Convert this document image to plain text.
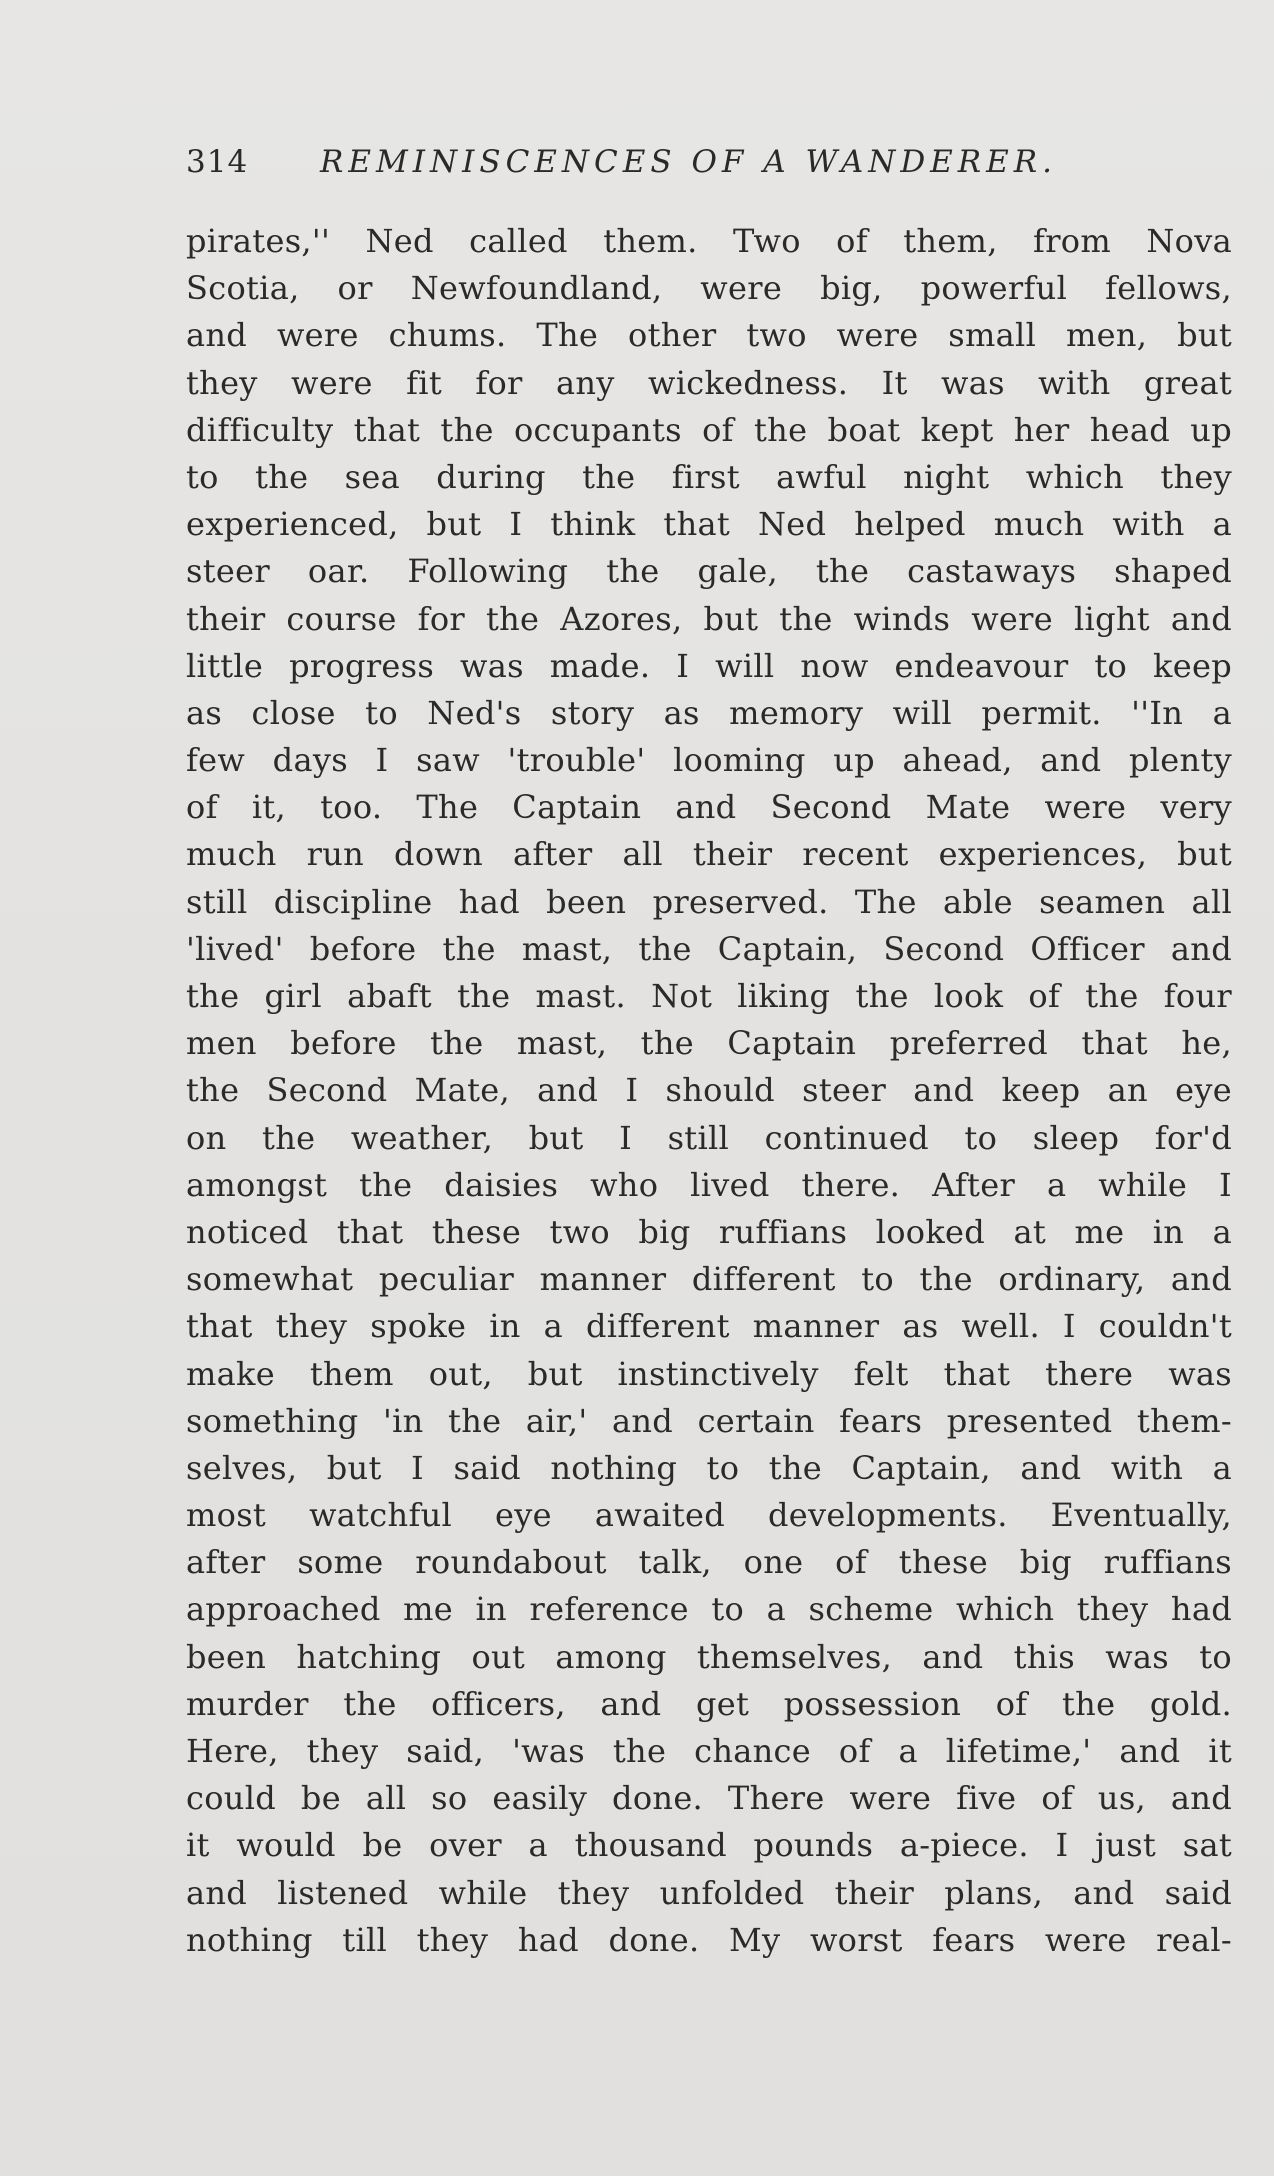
314 REMINISCENCES OF A WANDERER.
pirates,'' Ned called them. Two of them, from Nova
Scotia, or Newfoundland, were big, powerful fellows,
and were chums. The other two were small men, but
they were fit for any wickedness. It was with great
difficulty that the occupants of the boat kept her head up
to the sea during the first awful night which they
experienced, but I think that Ned helped much with a
steer oar. Following the gale, the castaways shaped
their course for the Azores, but the winds were light and
little progress was made. I will now endeavour to keep
as close to Ned's story as memory will permit. ''In a
few days I saw 'trouble' looming up ahead, and plenty
of it, too. The Captain and Second Mate were very
much run down after all their recent experiences, but
still discipline had been preserved. The able seamen all
'lived' before the mast, the Captain, Second Officer and
the girl abaft the mast. Not liking the look of the four
men before the mast, the Captain preferred that he,
the Second Mate, and I should steer and keep an eye
on the weather, but I still continued to sleep for'd
amongst the daisies who lived there. After a while I
noticed that these two big ruffians looked at me in a
somewhat peculiar manner different to the ordinary, and
that they spoke in a different manner as well. I couldn't
make them out, but instinctively felt that there was
something 'in the air,' and certain fears presented them-
selves, but I said nothing to the Captain, and with a
most watchful eye awaited developments. Eventually,
after some roundabout talk, one of these big ruffians
approached me in reference to a scheme which they had
been hatching out among themselves, and this was to
murder the officers, and get possession of the gold.
Here, they said, 'was the chance of a lifetime,' and it
could be all so easily done. There were five of us, and
it would be over a thousand pounds a-piece. I just sat
and listened while they unfolded their plans, and said
nothing till they had done. My worst fears were real-
